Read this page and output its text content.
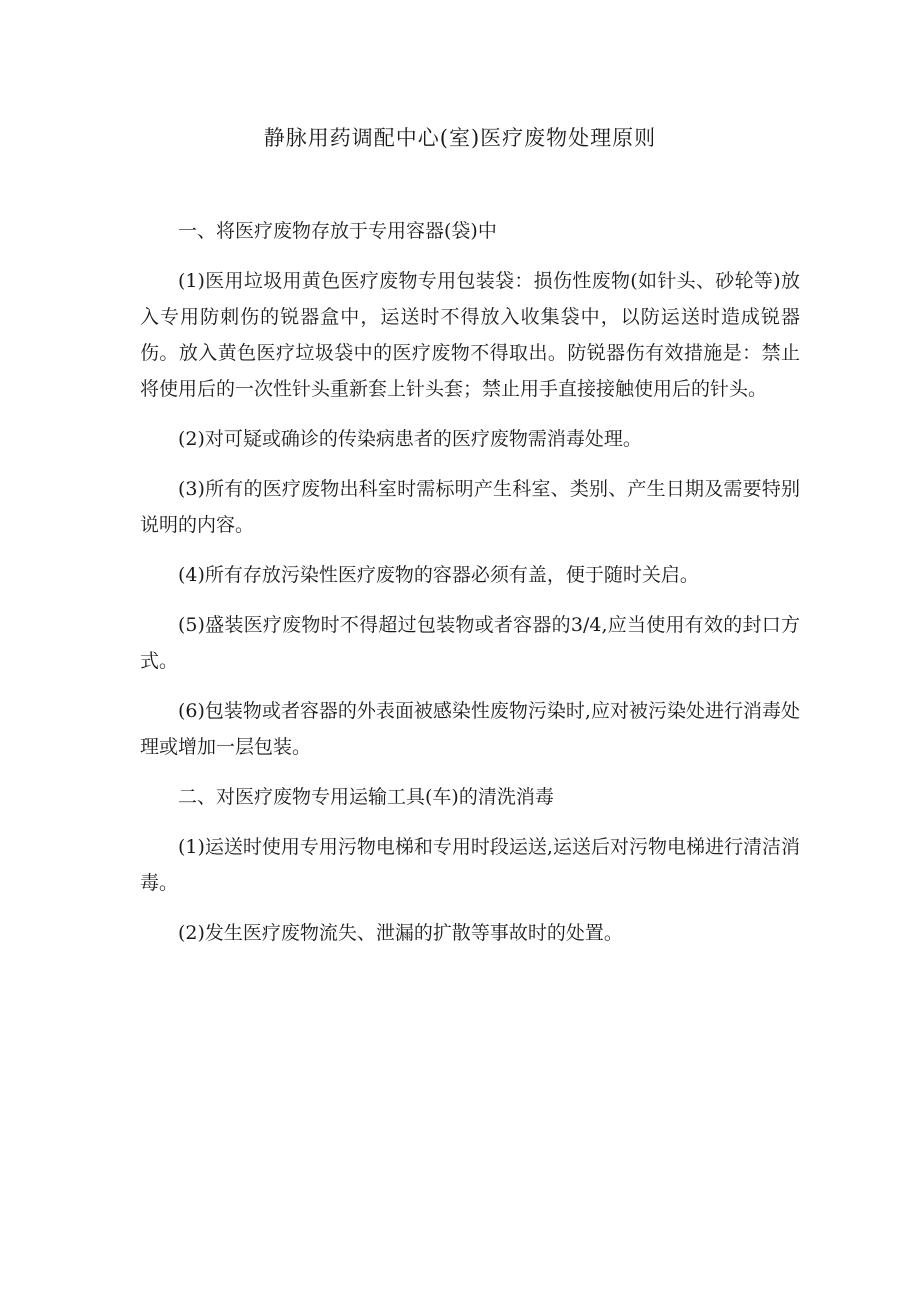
静脉用药调配中心(室)医疗废物处理原则

一、将医疗废物存放于专用容器(袋)中

(1)医用垃圾用黄色医疗废物专用包装袋：损伤性废物(如针头、砂轮等)放入专用防刺伤的锐器盒中，运送时不得放入收集袋中，以防运送时造成锐器伤。放入黄色医疗垃圾袋中的医疗废物不得取出。防锐器伤有效措施是：禁止将使用后的一次性针头重新套上针头套；禁止用手直接接触使用后的针头。

(2)对可疑或确诊的传染病患者的医疗废物需消毒处理。

(3)所有的医疗废物出科室时需标明产生科室、类别、产生日期及需要特别说明的内容。

(4)所有存放污染性医疗废物的容器必须有盖，便于随时关启。

(5)盛装医疗废物时不得超过包装物或者容器的3/4,应当使用有效的封口方式。

(6)包装物或者容器的外表面被感染性废物污染时,应对被污染处进行消毒处理或增加一层包装。

二、对医疗废物专用运输工具(车)的清洗消毒

(1)运送时使用专用污物电梯和专用时段运送,运送后对污物电梯进行清洁消毒。

(2)发生医疗废物流失、泄漏的扩散等事故时的处置。
